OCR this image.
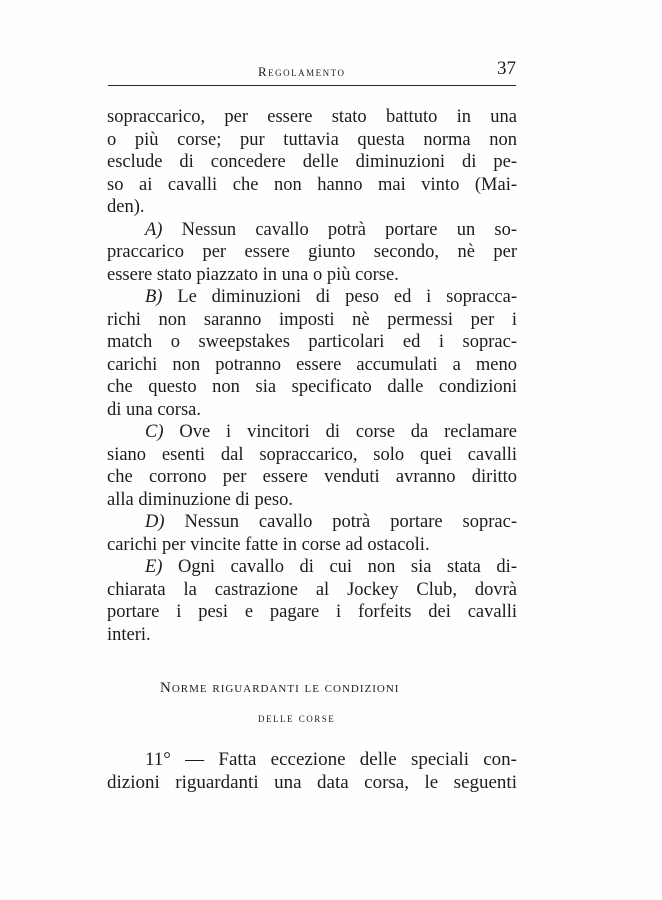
Regolamento	37
sopraccarico, per essere stato battuto in una
o più corse; pur tuttavia questa norma non
esclude di concedere delle diminuzioni di pe-
so ai cavalli che non hanno mai vinto (Mai-
den).
A) Nessun cavallo potrà portare un so-
praccarico per essere giunto secondo, nè per
essere stato piazzato in una o più corse.
B) Le diminuzioni di peso ed i sopracca-
richi non saranno imposti nè permessi per i
match o sweepstakes particolari ed i soprac-
carichi non potranno essere accumulati a meno
che questo non sia specificato dalle condizioni
di una corsa.
C) Ove i vincitori di corse da reclamare
siano esenti dal sopraccarico, solo quei cavalli
che corrono per essere venduti avranno diritto
alla diminuzione di peso.
D) Nessun cavallo potrà portare soprac-
carichi per vincite fatte in corse ad ostacoli.
E) Ogni cavallo di cui non sia stata di-
chiarata la castrazione al Jockey Club, dovrà
portare i pesi e pagare i forfeits dei cavalli
interi.
Norme riguardanti le condizioni
delle corse
11° — Fatta eccezione delle speciali con-
dizioni riguardanti una data corsa, le seguenti
